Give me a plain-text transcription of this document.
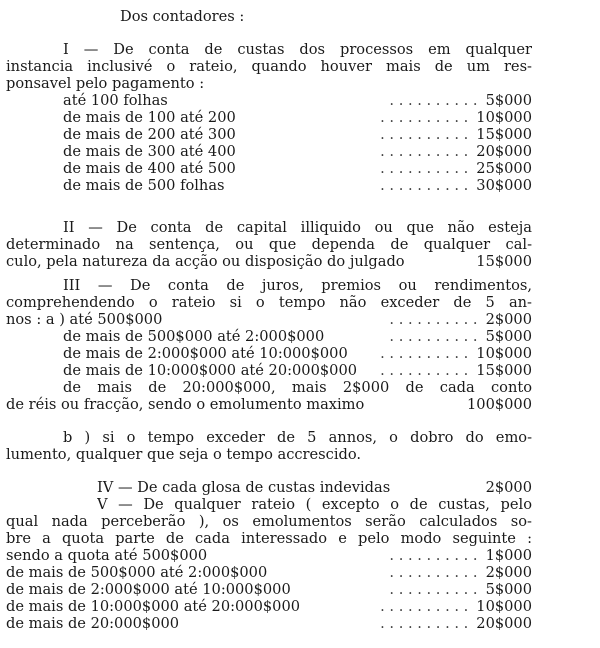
Dos contadores :
I — De conta de custas dos processos em qualquer
instancia inclusivé o rateio, quando houver mais de um res-
ponsavel pelo pagamento :
até 100 folhas	. . . . . . . . . . 5$000
de mais de 100 até 200	. . . . . . . . . . 10$000
de mais de 200 até 300	. . . . . . . . . . 15$000
de mais de 300 até 400	. . . . . . . . . . 20$000
de mais de 400 até 500	. . . . . . . . . . 25$000
de mais de 500 folhas	. . . . . . . . . . 30$000
II — De conta de capital illiquido ou que não esteja
determinado na sentença, ou que dependa de qualquer cal-
culo, pela natureza da acção ou disposição do julgado	15$000
III — De conta de juros, premios ou rendimentos,
comprehendendo o rateio si o tempo não exceder de 5 an-
nos : a ) até 500$000	. . . . . . . . . . 2$000
de mais de 500$000 até 2:000$000	. . . . . . . . . . 5$000
de mais de 2:000$000 até 10:000$000	. . . . . . . . . . 10$000
de mais de 10:000$000 até 20:000$000	. . . . . . . . . . 15$000
de mais de 20:000$000, mais 2$000 de cada conto
de réis ou fracção, sendo o emolumento maximo	100$000
b ) si o tempo exceder de 5 annos, o dobro do emo-
lumento, qualquer que seja o tempo accrescido.
IV — De cada glosa de custas indevidas	2$000
V — De qualquer rateio ( excepto o de custas, pelo
qual nada perceberão ), os emolumentos serão calculados so-
bre a quota parte de cada interessado e pelo modo seguinte :
sendo a quota até 500$000	. . . . . . . . . . 1$000
de mais de 500$000 até 2:000$000	. . . . . . . . . . 2$000
de mais de 2:000$000 até 10:000$000	. . . . . . . . . . 5$000
de mais de 10:000$000 até 20:000$000	. . . . . . . . . . 10$000
de mais de 20:000$000	. . . . . . . . . . 20$000
